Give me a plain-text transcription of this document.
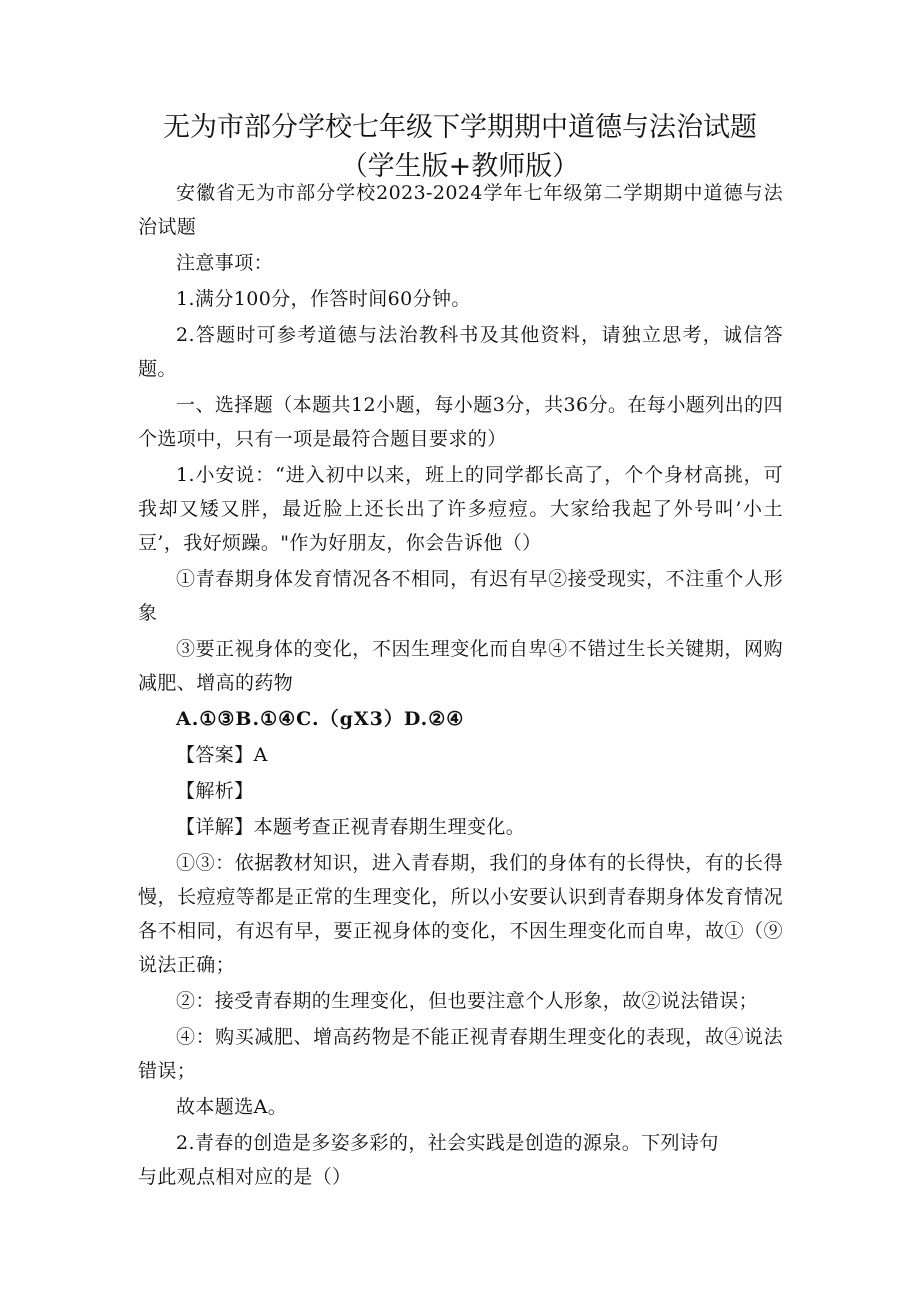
无为市部分学校七年级下学期期中道德与法治试题（学生版+教师版）

安徽省无为市部分学校2023-2024学年七年级第二学期期中道德与法治试题

注意事项：

1.满分100分，作答时间60分钟。

2.答题时可参考道德与法治教科书及其他资料，请独立思考，诚信答题。

一、选择题（本题共12小题，每小题3分，共36分。在每小题列出的四个选项中，只有一项是最符合题目要求的）

1.小安说：“进入初中以来，班上的同学都长高了，个个身材高挑，可我却又矮又胖，最近脸上还长出了许多痘痘。大家给我起了外号叫’小土豆’，我好烦躁。"作为好朋友，你会告诉他（）

①青春期身体发育情况各不相同，有迟有早②接受现实，不注重个人形象

③要正视身体的变化，不因生理变化而自卑④不错过生长关键期，网购减肥、增高的药物

A.①③B.①④C.（gX3）D.②④

【答案】A

【解析】

【详解】本题考查正视青春期生理变化。

①③：依据教材知识，进入青春期，我们的身体有的长得快，有的长得慢，长痘痘等都是正常的生理变化，所以小安要认识到青春期身体发育情况各不相同，有迟有早，要正视身体的变化，不因生理变化而自卑，故①（⑨说法正确；

②：接受青春期的生理变化，但也要注意个人形象，故②说法错误；

④：购买减肥、增高药物是不能正视青春期生理变化的表现，故④说法错误；

故本题选A。

2.青春的创造是多姿多彩的，社会实践是创造的源泉。下列诗句与此观点相对应的是（）
